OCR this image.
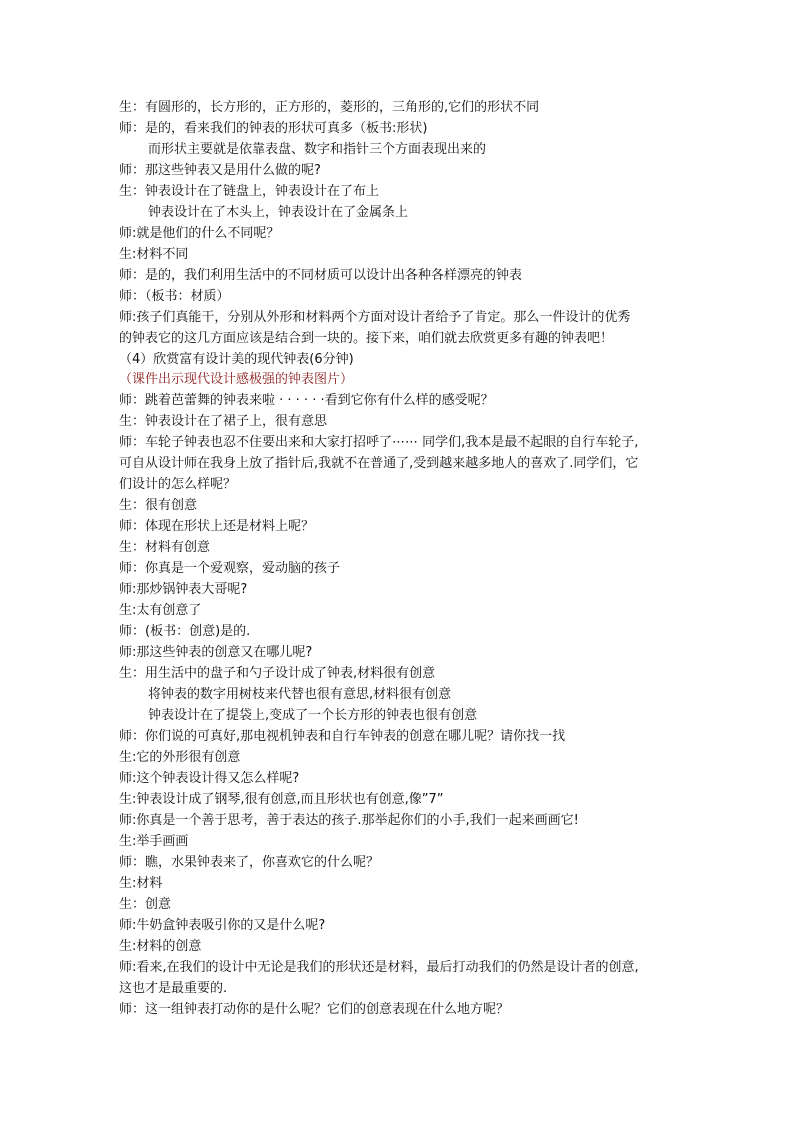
生：有圆形的，长方形的，正方形的，菱形的，三角形的,它们的形状不同
师：是的，看来我们的钟表的形状可真多（板书:形状)
而形状主要就是依靠表盘、数字和指针三个方面表现出来的
师：那这些钟表又是用什么做的呢?
生：钟表设计在了链盘上，钟表设计在了布上
钟表设计在了木头上，钟表设计在了金属条上
师:就是他们的什么不同呢？
生:材料不同
师：是的，我们利用生活中的不同材质可以设计出各种各样漂亮的钟表
师：（板书：材质）
师:孩子们真能干，分别从外形和材料两个方面对设计者给予了肯定。那么一件设计的优秀
的钟表它的这几方面应该是结合到一块的。接下来，咱们就去欣赏更多有趣的钟表吧！
（4）欣赏富有设计美的现代钟表(6分钟)
（课件出示现代设计感极强的钟表图片）
师：跳着芭蕾舞的钟表来啦 · · · · · ·看到它你有什么样的感受呢？
生：钟表设计在了裙子上，很有意思
师：车轮子钟表也忍不住要出来和大家打招呼了⋯⋯ 同学们,我本是最不起眼的自行车轮子,
可自从设计师在我身上放了指针后,我就不在普通了,受到越来越多地人的喜欢了.同学们，它
们设计的怎么样呢？
生：很有创意
师：体现在形状上还是材料上呢？
生：材料有创意
师：你真是一个爱观察，爱动脑的孩子
师:那炒锅钟表大哥呢?
生:太有创意了
师：(板书：创意)是的.
师:那这些钟表的创意又在哪儿呢?
生：用生活中的盘子和勺子设计成了钟表,材料很有创意
将钟表的数字用树枝来代替也很有意思,材料很有创意
钟表设计在了提袋上,变成了一个长方形的钟表也很有创意
师：你们说的可真好,那电视机钟表和自行车钟表的创意在哪儿呢？请你找一找
生:它的外形很有创意
师:这个钟表设计得又怎么样呢?
生:钟表设计成了钢琴,很有创意,而且形状也有创意,像”7”
师:你真是一个善于思考，善于表达的孩子.那举起你们的小手,我们一起来画画它!
生:举手画画
师：瞧，水果钟表来了，你喜欢它的什么呢？
生:材料
生：创意
师:牛奶盒钟表吸引你的又是什么呢?
生:材料的创意
师:看来,在我们的设计中无论是我们的形状还是材料，最后打动我们的仍然是设计者的创意,
这也才是最重要的.
师：这一组钟表打动你的是什么呢？它们的创意表现在什么地方呢？
